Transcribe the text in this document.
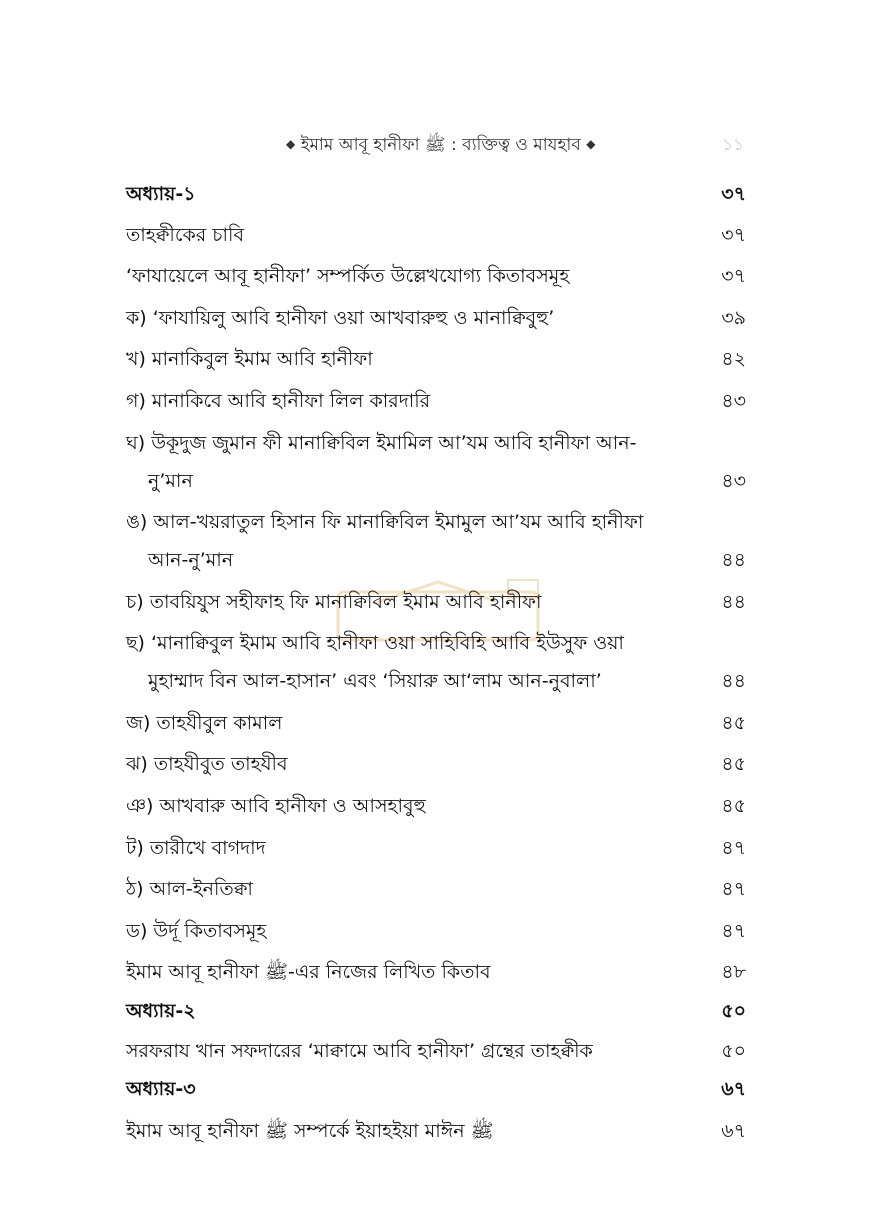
◆ ইমাম আবূ হানীফা ﷺ : ব্যক্তিত্ব ও মাযহাব ◆	১১
অধ্যায়-১	৩৭
তাহক্বীকের চাবি	৩৭
‘ফাযায়েলে আবূ হানীফা’ সম্পর্কিত উল্লেখযোগ্য কিতাবসমূহ	৩৭
ক) ‘ফাযায়িলু আবি হানীফা ওয়া আখবারুহু ও মানাক্বিবুহু’	৩৯
খ) মানাকিবুল ইমাম আবি হানীফা	৪২
গ) মানাকিবে আবি হানীফা লিল কারদারি	৪৩
ঘ) উকূদুজ জুমান ফী মানাক্বিবিল ইমামিল আ’যম আবি হানীফা আন-
নু’মান	৪৩
ঙ) আল-খয়রাতুল হিসান ফি মানাক্বিবিল ইমামুল আ’যম আবি হানীফা
আন-নু’মান	৪৪
চ) তাবয়িযুস সহীফাহ ফি মানাক্বিবিল ইমাম আবি হানীফা	৪৪
ছ) ‘মানাক্বিবুল ইমাম আবি হানীফা ওয়া সাহিবিহি আবি ইউসুফ ওয়া
মুহাম্মাদ বিন আল-হাসান’ এবং ‘সিয়ারু আ‘লাম আন-নুবালা’	৪৪
জ) তাহযীবুল কামাল	৪৫
ঝ) তাহযীবুত তাহযীব	৪৫
ঞ) আখবারু আবি হানীফা ও আসহাবুহু	৪৫
ট) তারীখে বাগদাদ	৪৭
ঠ) আল-ইনতিক্বা	৪৭
ড) উর্দূ কিতাবসমূহ	৪৭
ইমাম আবূ হানীফা ﷺ-এর নিজের লিখিত কিতাব	৪৮
অধ্যায়-২	৫০
সরফরায খান সফদারের ‘মাক্বামে আবি হানীফা’ গ্রন্থের তাহক্বীক	৫০
অধ্যায়-৩	৬৭
ইমাম আবূ হানীফা ﷺ সম্পর্কে ইয়াহইয়া মাঈন ﷺ	৬৭
